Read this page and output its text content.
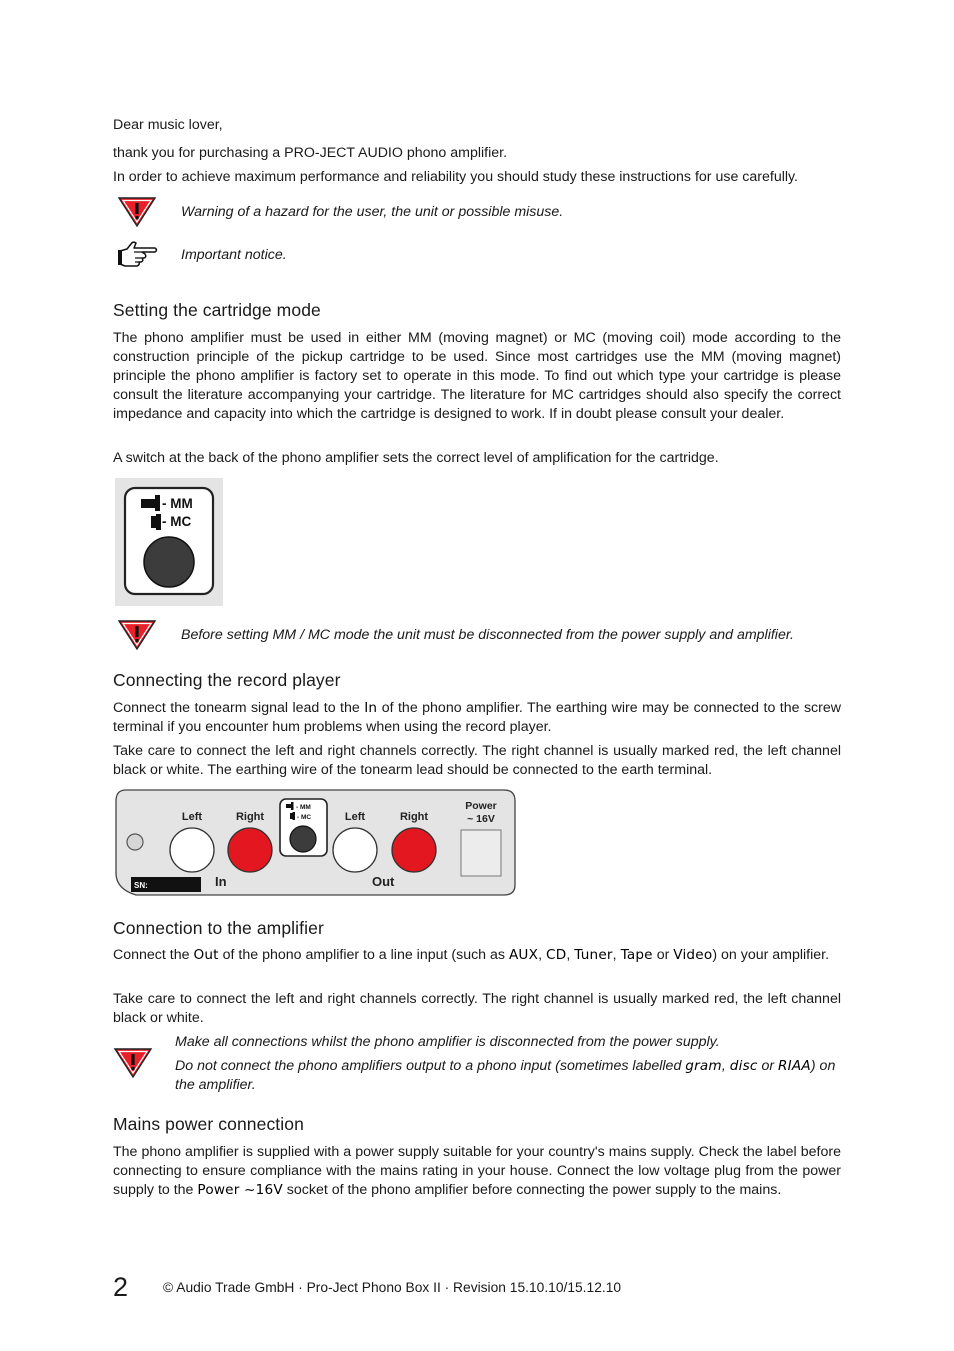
Dear music lover,

thank you for purchasing a PRO-JECT AUDIO phono amplifier.

In order to achieve maximum performance and reliability you should study these instructions for use carefully.

Warning of a hazard for the user, the unit or possible misuse.
Important notice.
Setting the cartridge mode

The phono amplifier must be used in either MM (moving magnet) or MC (moving coil) mode according to the construction principle of the pickup cartridge to be used. Since most cartridges use the MM (moving magnet) principle the phono amplifier is factory set to operate in this mode. To find out which type your cartridge is please consult the literature accompanying your cartridge. The literature for MC cartridges should also specify the correct impedance and capacity into which the cartridge is designed to work. If in doubt please consult your dealer.

A switch at the back of the phono amplifier sets the correct level of amplification for the cartridge.

- MM
- MC
Before setting MM / MC mode the unit must be disconnected from the power supply and amplifier.
Connecting the record player

Connect the tonearm signal lead to the In of the phono amplifier. The earthing wire may be connected to the screw terminal if you encounter hum problems when using the record player.

Take care to connect the left and right channels correctly. The right channel is usually marked red, the left channel black or white. The earthing wire of the tonearm lead should be connected to the earth terminal.

Left	Right
- MM
- MC	Left	Right
Power
~ 16V
SN:	In	Out
Connection to the amplifier

Connect the Out of the phono amplifier to a line input (such as AUX, CD, Tuner, Tape or Video) on your amplifier.

Take care to connect the left and right channels correctly. The right channel is usually marked red, the left channel black or white.

Make all connections whilst the phono amplifier is disconnected from the power supply.
Do not connect the phono amplifiers output to a phono input (sometimes labelled gram, disc or RIAA) on the amplifier.
Mains power connection

The phono amplifier is supplied with a power supply suitable for your country's mains supply. Check the label before connecting to ensure compliance with the mains rating in your house. Connect the low voltage plug from the power supply to the Power ~16V socket of the phono amplifier before connecting the power supply to the mains.

2	© Audio Trade GmbH · Pro-Ject Phono Box II · Revision 15.10.10/15.12.10
